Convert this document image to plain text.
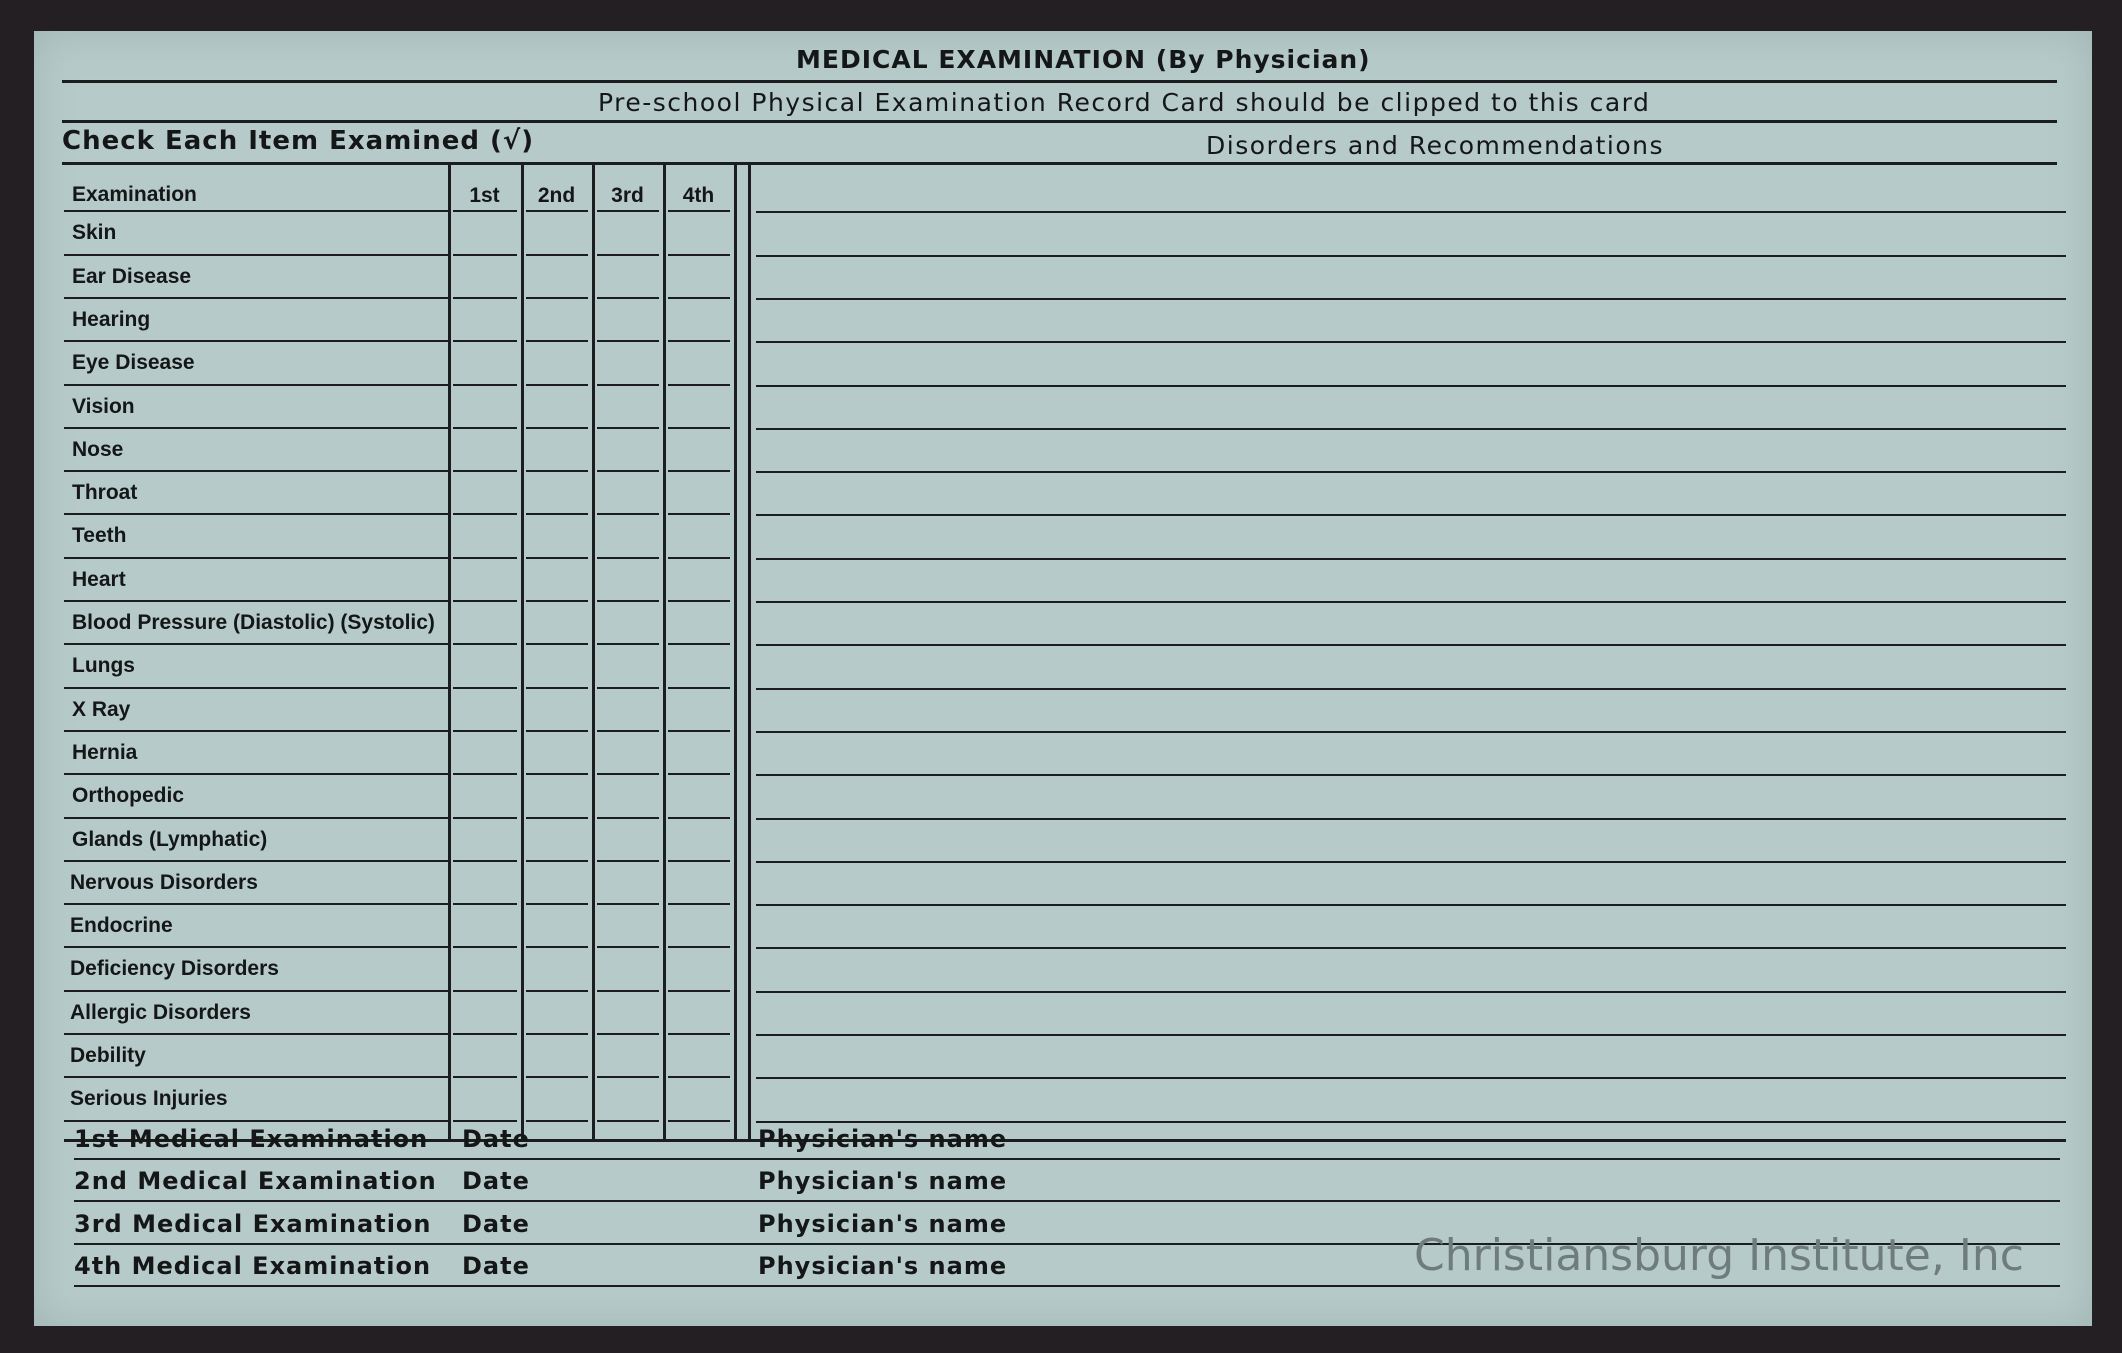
MEDICAL EXAMINATION (By Physician)
Pre-school Physical Examination Record Card should be clipped to this card
Check Each Item Examined (√)	Disorders and Recommendations
Examination	1st	2nd	3rd	4th
Skin
Ear Disease
Hearing
Eye Disease
Vision
Nose
Throat
Teeth
Heart
Blood Pressure (Diastolic) (Systolic)
Lungs
X Ray
Hernia
Orthopedic
Glands (Lymphatic)
Nervous Disorders
Endocrine
Deficiency Disorders
Allergic Disorders
Debility
Serious Injuries
1st Medical Examination Date	Physician's name
2nd Medical Examination Date	Physician's name
3rd Medical Examination Date	Physician's name
4th Medical Examination Date	Physician's name	Christiansburg Institute, Inc
